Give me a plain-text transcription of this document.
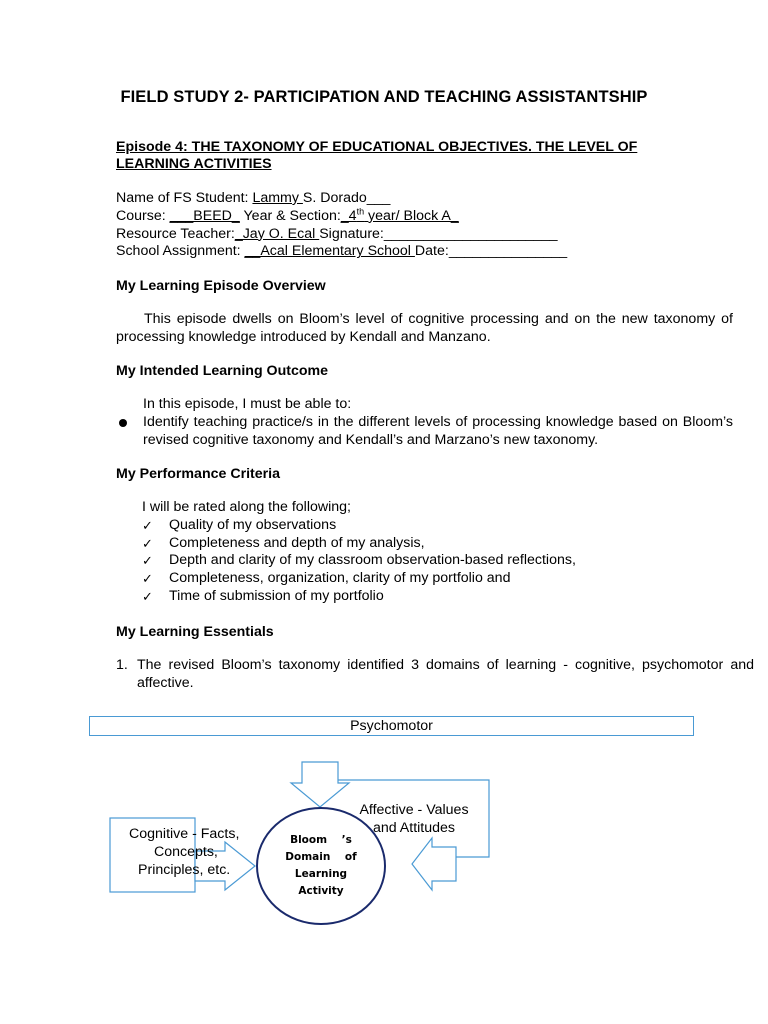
FIELD STUDY 2- PARTICIPATION AND TEACHING ASSISTANTSHIP
Episode 4: THE TAXONOMY OF EDUCATIONAL OBJECTIVES. THE LEVEL OF
LEARNING ACTIVITIES
Name of FS Student: Lammy S. Dorado___
Course: ___BEED_ Year & Section:_4th year/ Block A_
Resource Teacher:_Jay O. Ecal Signature:______________________
School Assignment: __Acal Elementary School Date:_______________
My Learning Episode Overview
This episode dwells on Bloom’s level of cognitive processing and on the new taxonomy of processing knowledge introduced by Kendall and Manzano.
My Intended Learning Outcome
In this episode, I must be able to:
Identify teaching practice/s in the different levels of processing knowledge based on Bloom’s revised cognitive taxonomy and Kendall’s and Marzano’s new taxonomy.
My Performance Criteria
I will be rated along the following;
✓ Quality of my observations
✓ Completeness and depth of my analysis,
✓ Depth and clarity of my classroom observation-based reflections,
✓ Completeness, organization, clarity of my portfolio and
✓ Time of submission of my portfolio
My Learning Essentials
1. The revised Bloom’s taxonomy identified 3 domains of learning - cognitive, psychomotor and affective.
Psychomotor
Affective - Values
and Attitudes
Cognitive - Facts,
Concepts,
Principles, etc.
Bloom    ’s
Domain    of
Learning
Activity
